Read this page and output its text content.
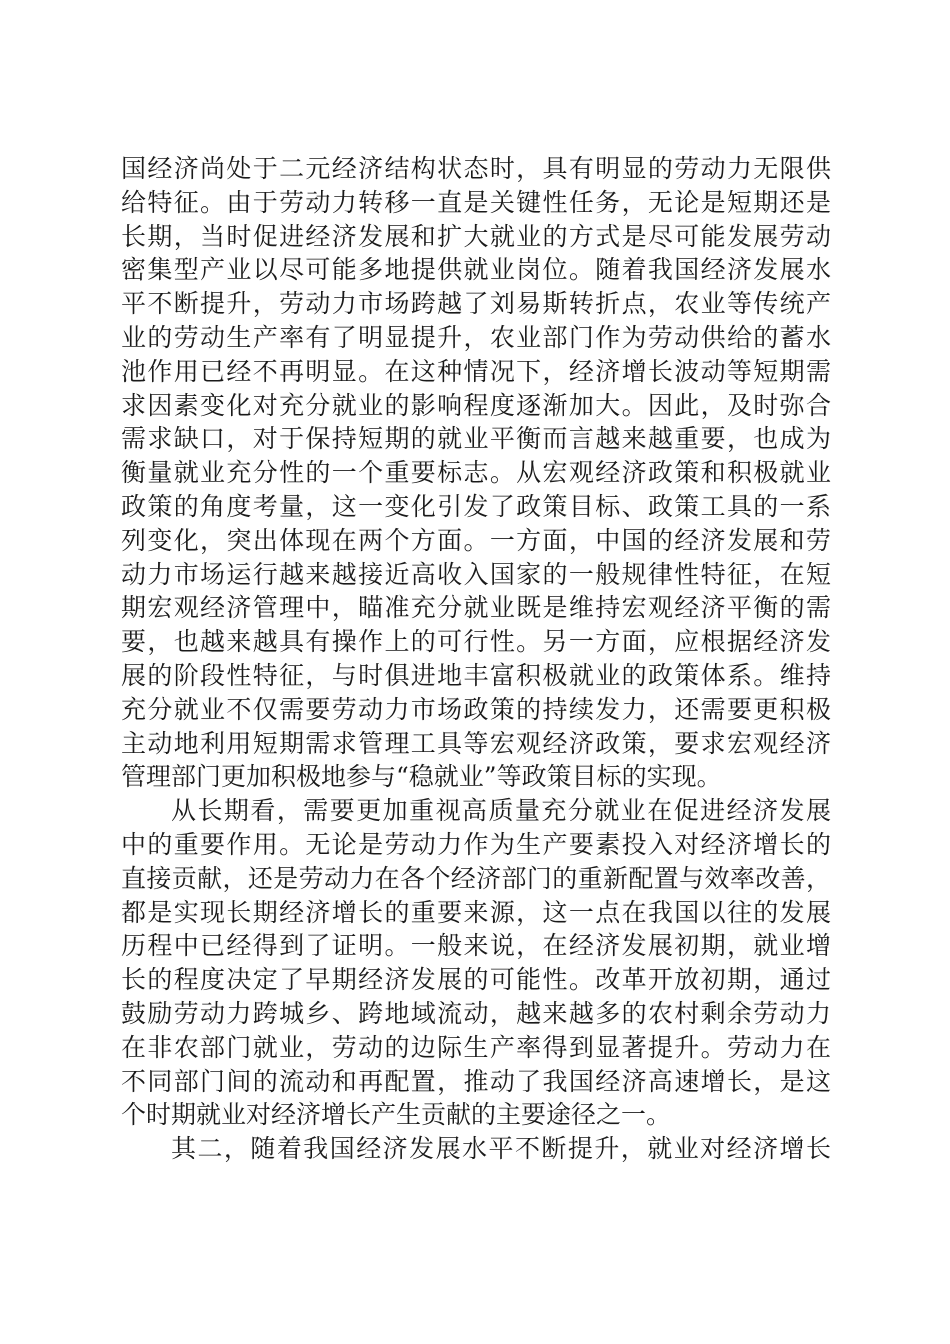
国经济尚处于二元经济结构状态时，具有明显的劳动力无限供
给特征。由于劳动力转移一直是关键性任务，无论是短期还是
长期，当时促进经济发展和扩大就业的方式是尽可能发展劳动
密集型产业以尽可能多地提供就业岗位。随着我国经济发展水
平不断提升，劳动力市场跨越了刘易斯转折点，农业等传统产
业的劳动生产率有了明显提升，农业部门作为劳动供给的蓄水
池作用已经不再明显。在这种情况下，经济增长波动等短期需
求因素变化对充分就业的影响程度逐渐加大。因此，及时弥合
需求缺口，对于保持短期的就业平衡而言越来越重要，也成为
衡量就业充分性的一个重要标志。从宏观经济政策和积极就业
政策的角度考量，这一变化引发了政策目标、政策工具的一系
列变化，突出体现在两个方面。一方面，中国的经济发展和劳
动力市场运行越来越接近高收入国家的一般规律性特征，在短
期宏观经济管理中，瞄准充分就业既是维持宏观经济平衡的需
要，也越来越具有操作上的可行性。另一方面，应根据经济发
展的阶段性特征，与时俱进地丰富积极就业的政策体系。维持
充分就业不仅需要劳动力市场政策的持续发力，还需要更积极
主动地利用短期需求管理工具等宏观经济政策，要求宏观经济
管理部门更加积极地参与“稳就业”等政策目标的实现。
从长期看，需要更加重视高质量充分就业在促进经济发展
中的重要作用。无论是劳动力作为生产要素投入对经济增长的
直接贡献，还是劳动力在各个经济部门的重新配置与效率改善，
都是实现长期经济增长的重要来源，这一点在我国以往的发展
历程中已经得到了证明。一般来说，在经济发展初期，就业增
长的程度决定了早期经济发展的可能性。改革开放初期，通过
鼓励劳动力跨城乡、跨地域流动，越来越多的农村剩余劳动力
在非农部门就业，劳动的边际生产率得到显著提升。劳动力在
不同部门间的流动和再配置，推动了我国经济高速增长，是这
个时期就业对经济增长产生贡献的主要途径之一。
其二，随着我国经济发展水平不断提升，就业对经济增长
